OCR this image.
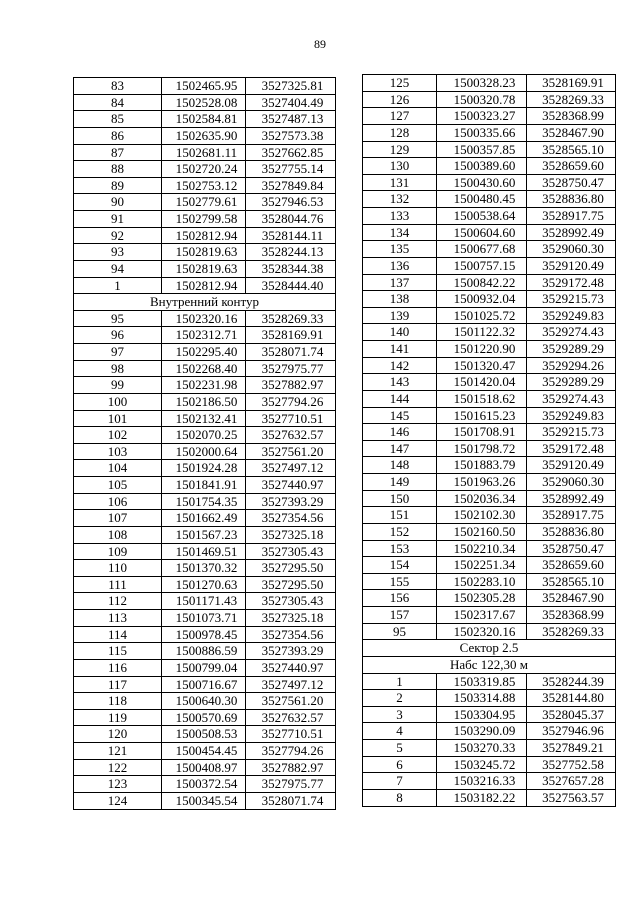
89
83	1502465.95	3527325.81
84	1502528.08	3527404.49
85	1502584.81	3527487.13
86	1502635.90	3527573.38
87	1502681.11	3527662.85
88	1502720.24	3527755.14
89	1502753.12	3527849.84
90	1502779.61	3527946.53
91	1502799.58	3528044.76
92	1502812.94	3528144.11
93	1502819.63	3528244.13
94	1502819.63	3528344.38
1	1502812.94	3528444.40
Внутренний контур		
95	1502320.16	3528269.33
96	1502312.71	3528169.91
97	1502295.40	3528071.74
98	1502268.40	3527975.77
99	1502231.98	3527882.97
100	1502186.50	3527794.26
101	1502132.41	3527710.51
102	1502070.25	3527632.57
103	1502000.64	3527561.20
104	1501924.28	3527497.12
105	1501841.91	3527440.97
106	1501754.35	3527393.29
107	1501662.49	3527354.56
108	1501567.23	3527325.18
109	1501469.51	3527305.43
110	1501370.32	3527295.50
111	1501270.63	3527295.50
112	1501171.43	3527305.43
113	1501073.71	3527325.18
114	1500978.45	3527354.56
115	1500886.59	3527393.29
116	1500799.04	3527440.97
117	1500716.67	3527497.12
118	1500640.30	3527561.20
119	1500570.69	3527632.57
120	1500508.53	3527710.51
121	1500454.45	3527794.26
122	1500408.97	3527882.97
123	1500372.54	3527975.77
124	1500345.54	3528071.74
125	1500328.23	3528169.91
126	1500320.78	3528269.33
127	1500323.27	3528368.99
128	1500335.66	3528467.90
129	1500357.85	3528565.10
130	1500389.60	3528659.60
131	1500430.60	3528750.47
132	1500480.45	3528836.80
133	1500538.64	3528917.75
134	1500604.60	3528992.49
135	1500677.68	3529060.30
136	1500757.15	3529120.49
137	1500842.22	3529172.48
138	1500932.04	3529215.73
139	1501025.72	3529249.83
140	1501122.32	3529274.43
141	1501220.90	3529289.29
142	1501320.47	3529294.26
143	1501420.04	3529289.29
144	1501518.62	3529274.43
145	1501615.23	3529249.83
146	1501708.91	3529215.73
147	1501798.72	3529172.48
148	1501883.79	3529120.49
149	1501963.26	3529060.30
150	1502036.34	3528992.49
151	1502102.30	3528917.75
152	1502160.50	3528836.80
153	1502210.34	3528750.47
154	1502251.34	3528659.60
155	1502283.10	3528565.10
156	1502305.28	3528467.90
157	1502317.67	3528368.99
95	1502320.16	3528269.33
Сектор 2.5		
Набс 122,30 м		
1	1503319.85	3528244.39
2	1503314.88	3528144.80
3	1503304.95	3528045.37
4	1503290.09	3527946.96
5	1503270.33	3527849.21
6	1503245.72	3527752.58
7	1503216.33	3527657.28
8	1503182.22	3527563.57
